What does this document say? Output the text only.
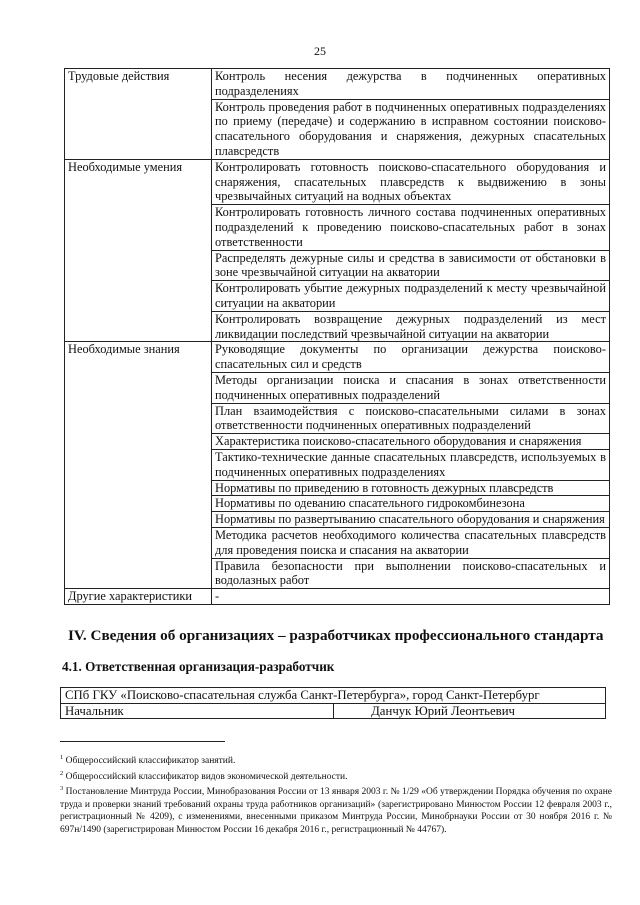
25
Трудовые действия	Контроль несения дежурства в подчиненных оперативных подразделениях
	Контроль проведения работ в подчиненных оперативных подразделениях по приему (передаче) и содержанию в исправном состоянии поисково-спасательного оборудования и снаряжения, дежурных спасательных плавсредств
Необходимые умения	Контролировать готовность поисково-спасательного оборудования и снаряжения, спасательных плавсредств к выдвижению в зоны чрезвычайных ситуаций на водных объектах
	Контролировать готовность личного состава подчиненных оперативных подразделений к проведению поисково-спасательных работ в зонах ответственности
	Распределять дежурные силы и средства в зависимости от обстановки в зоне чрезвычайной ситуации на акватории
	Контролировать убытие дежурных подразделений к месту чрезвычайной ситуации на акватории
	Контролировать возвращение дежурных подразделений из мест ликвидации последствий чрезвычайной ситуации на акватории
Необходимые знания	Руководящие документы по организации дежурства поисково-спасательных сил и средств
	Методы организации поиска и спасания в зонах ответственности подчиненных оперативных подразделений
	План взаимодействия с поисково-спасательными силами в зонах ответственности подчиненных оперативных подразделений
	Характеристика поисково-спасательного оборудования и снаряжения
	Тактико-технические данные спасательных плавсредств, используемых в подчиненных оперативных подразделениях
	Нормативы по приведению в готовность дежурных плавсредств
	Нормативы по одеванию спасательного гидрокомбинезона
	Нормативы по развертыванию спасательного оборудования и снаряжения
	Методика расчетов необходимого количества спасательных плавсредств для проведения поиска и спасания на акватории
	Правила безопасности при выполнении поисково-спасательных и водолазных работ
Другие характеристики	-
IV. Сведения об организациях – разработчиках профессионального стандарта
4.1. Ответственная организация-разработчик
СПб ГКУ «Поисково-спасательная служба Санкт-Петербурга», город Санкт-Петербург
Начальник	Данчук Юрий Леонтьевич

$^1$ Общероссийский классификатор занятий.

$^2$ Общероссийский классификатор видов экономической деятельности.

$^3$ Постановление Минтруда России, Минобразования России от 13 января 2003 г. № 1/29 «Об утверждении Порядка обучения по охране труда и проверки знаний требований охраны труда работников организаций» (зарегистрировано Минюстом России 12 февраля 2003 г., регистрационный № 4209), с изменениями, внесенными приказом Минтруда России, Минобрнауки России от 30 ноября 2016 г. № 697н/1490 (зарегистрирован Минюстом России 16 декабря 2016 г., регистрационный № 44767).
